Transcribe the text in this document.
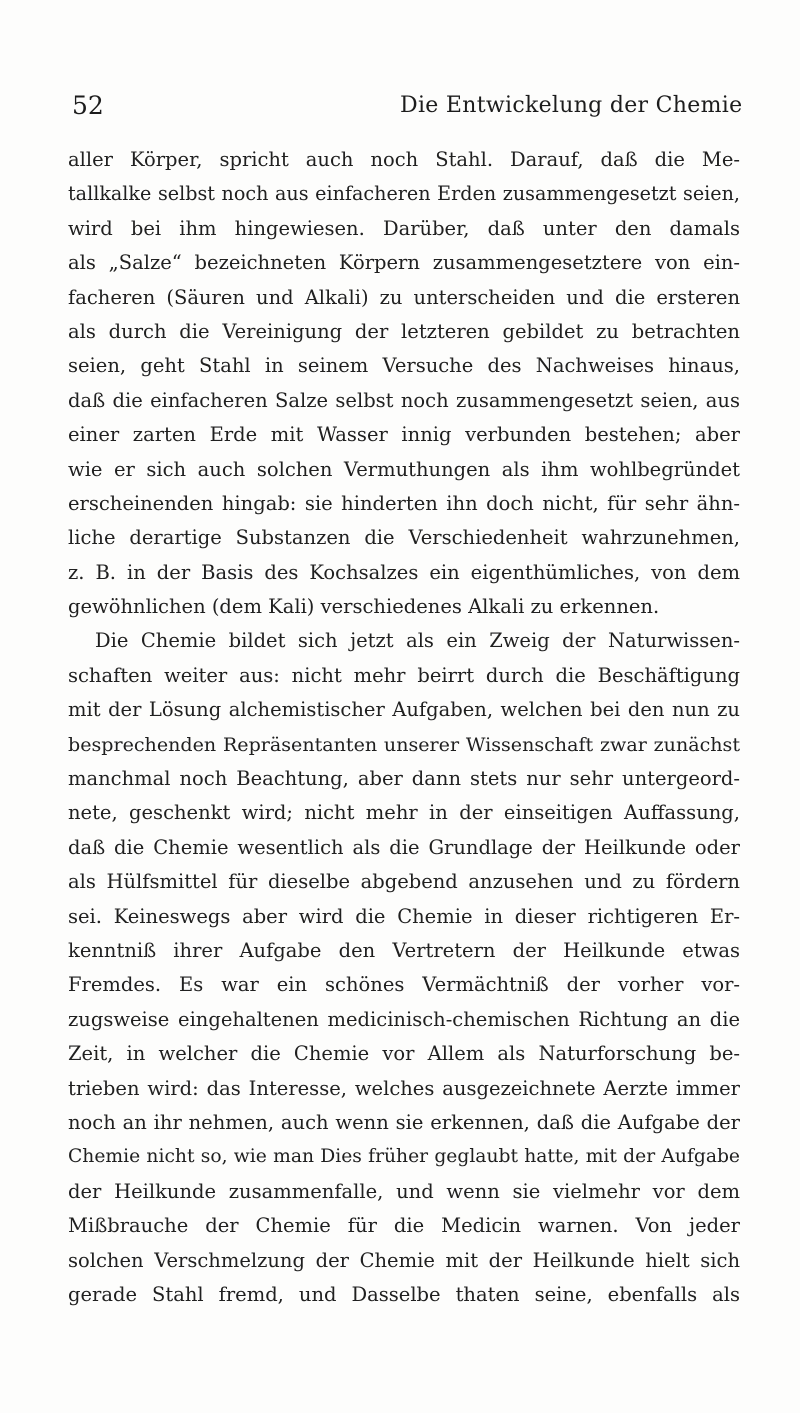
52	Die Entwickelung der Chemie
aller Körper, spricht auch noch Stahl. Darauf, daß die Me-
tallkalke selbst noch aus einfacheren Erden zusammengesetzt seien,
wird bei ihm hingewiesen. Darüber, daß unter den damals
als „Salze“ bezeichneten Körpern zusammengesetztere von ein-
facheren (Säuren und Alkali) zu unterscheiden und die ersteren
als durch die Vereinigung der letzteren gebildet zu betrachten
seien, geht Stahl in seinem Versuche des Nachweises hinaus,
daß die einfacheren Salze selbst noch zusammengesetzt seien, aus
einer zarten Erde mit Wasser innig verbunden bestehen; aber
wie er sich auch solchen Vermuthungen als ihm wohlbegründet
erscheinenden hingab: sie hinderten ihn doch nicht, für sehr ähn-
liche derartige Substanzen die Verschiedenheit wahrzunehmen,
z. B. in der Basis des Kochsalzes ein eigenthümliches, von dem
gewöhnlichen (dem Kali) verschiedenes Alkali zu erkennen.
Die Chemie bildet sich jetzt als ein Zweig der Naturwissen-
schaften weiter aus: nicht mehr beirrt durch die Beschäftigung
mit der Lösung alchemistischer Aufgaben, welchen bei den nun zu
besprechenden Repräsentanten unserer Wissenschaft zwar zunächst
manchmal noch Beachtung, aber dann stets nur sehr untergeord-
nete, geschenkt wird; nicht mehr in der einseitigen Auffassung,
daß die Chemie wesentlich als die Grundlage der Heilkunde oder
als Hülfsmittel für dieselbe abgebend anzusehen und zu fördern
sei. Keineswegs aber wird die Chemie in dieser richtigeren Er-
kenntniß ihrer Aufgabe den Vertretern der Heilkunde etwas
Fremdes. Es war ein schönes Vermächtniß der vorher vor-
zugsweise eingehaltenen medicinisch-chemischen Richtung an die
Zeit, in welcher die Chemie vor Allem als Naturforschung be-
trieben wird: das Interesse, welches ausgezeichnete Aerzte immer
noch an ihr nehmen, auch wenn sie erkennen, daß die Aufgabe der
Chemie nicht so, wie man Dies früher geglaubt hatte, mit der Aufgabe
der Heilkunde zusammenfalle, und wenn sie vielmehr vor dem
Mißbrauche der Chemie für die Medicin warnen. Von jeder
solchen Verschmelzung der Chemie mit der Heilkunde hielt sich
gerade Stahl fremd, und Dasselbe thaten seine, ebenfalls als
